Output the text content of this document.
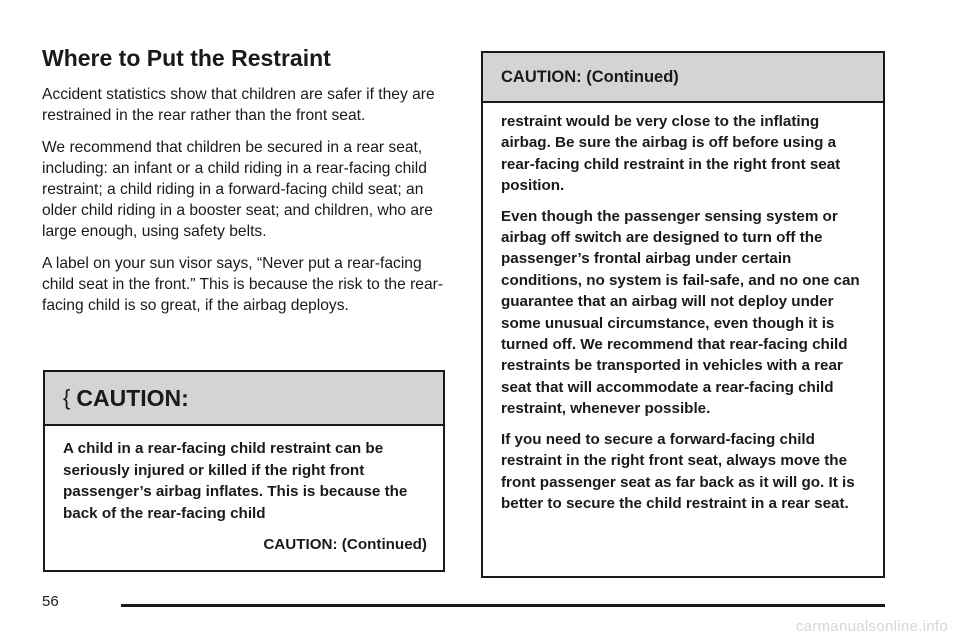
Where to Put the Restraint

Accident statistics show that children are safer if they are restrained in the rear rather than the front seat.

We recommend that children be secured in a rear seat, including: an infant or a child riding in a rear-facing child restraint; a child riding in a forward-facing child seat; an older child riding in a booster seat; and children, who are large enough, using safety belts.

A label on your sun visor says, “Never put a rear-facing child seat in the front.” This is because the risk to the rear-facing child is so great, if the airbag deploys.

{ CAUTION:
A child in a rear-facing child restraint can be seriously injured or killed if the right front passenger’s airbag inflates. This is because the back of the rear-facing child
CAUTION: (Continued)
CAUTION: (Continued)

restraint would be very close to the inflating airbag. Be sure the airbag is off before using a rear-facing child restraint in the right front seat position.

Even though the passenger sensing system or airbag off switch are designed to turn off the passenger’s frontal airbag under certain conditions, no system is fail-safe, and no one can guarantee that an airbag will not deploy under some unusual circumstance, even though it is turned off. We recommend that rear-facing child restraints be transported in vehicles with a rear seat that will accommodate a rear-facing child restraint, whenever possible.

If you need to secure a forward-facing child restraint in the right front seat, always move the front passenger seat as far back as it will go. It is better to secure the child restraint in a rear seat.

56
carmanualsonline.info
